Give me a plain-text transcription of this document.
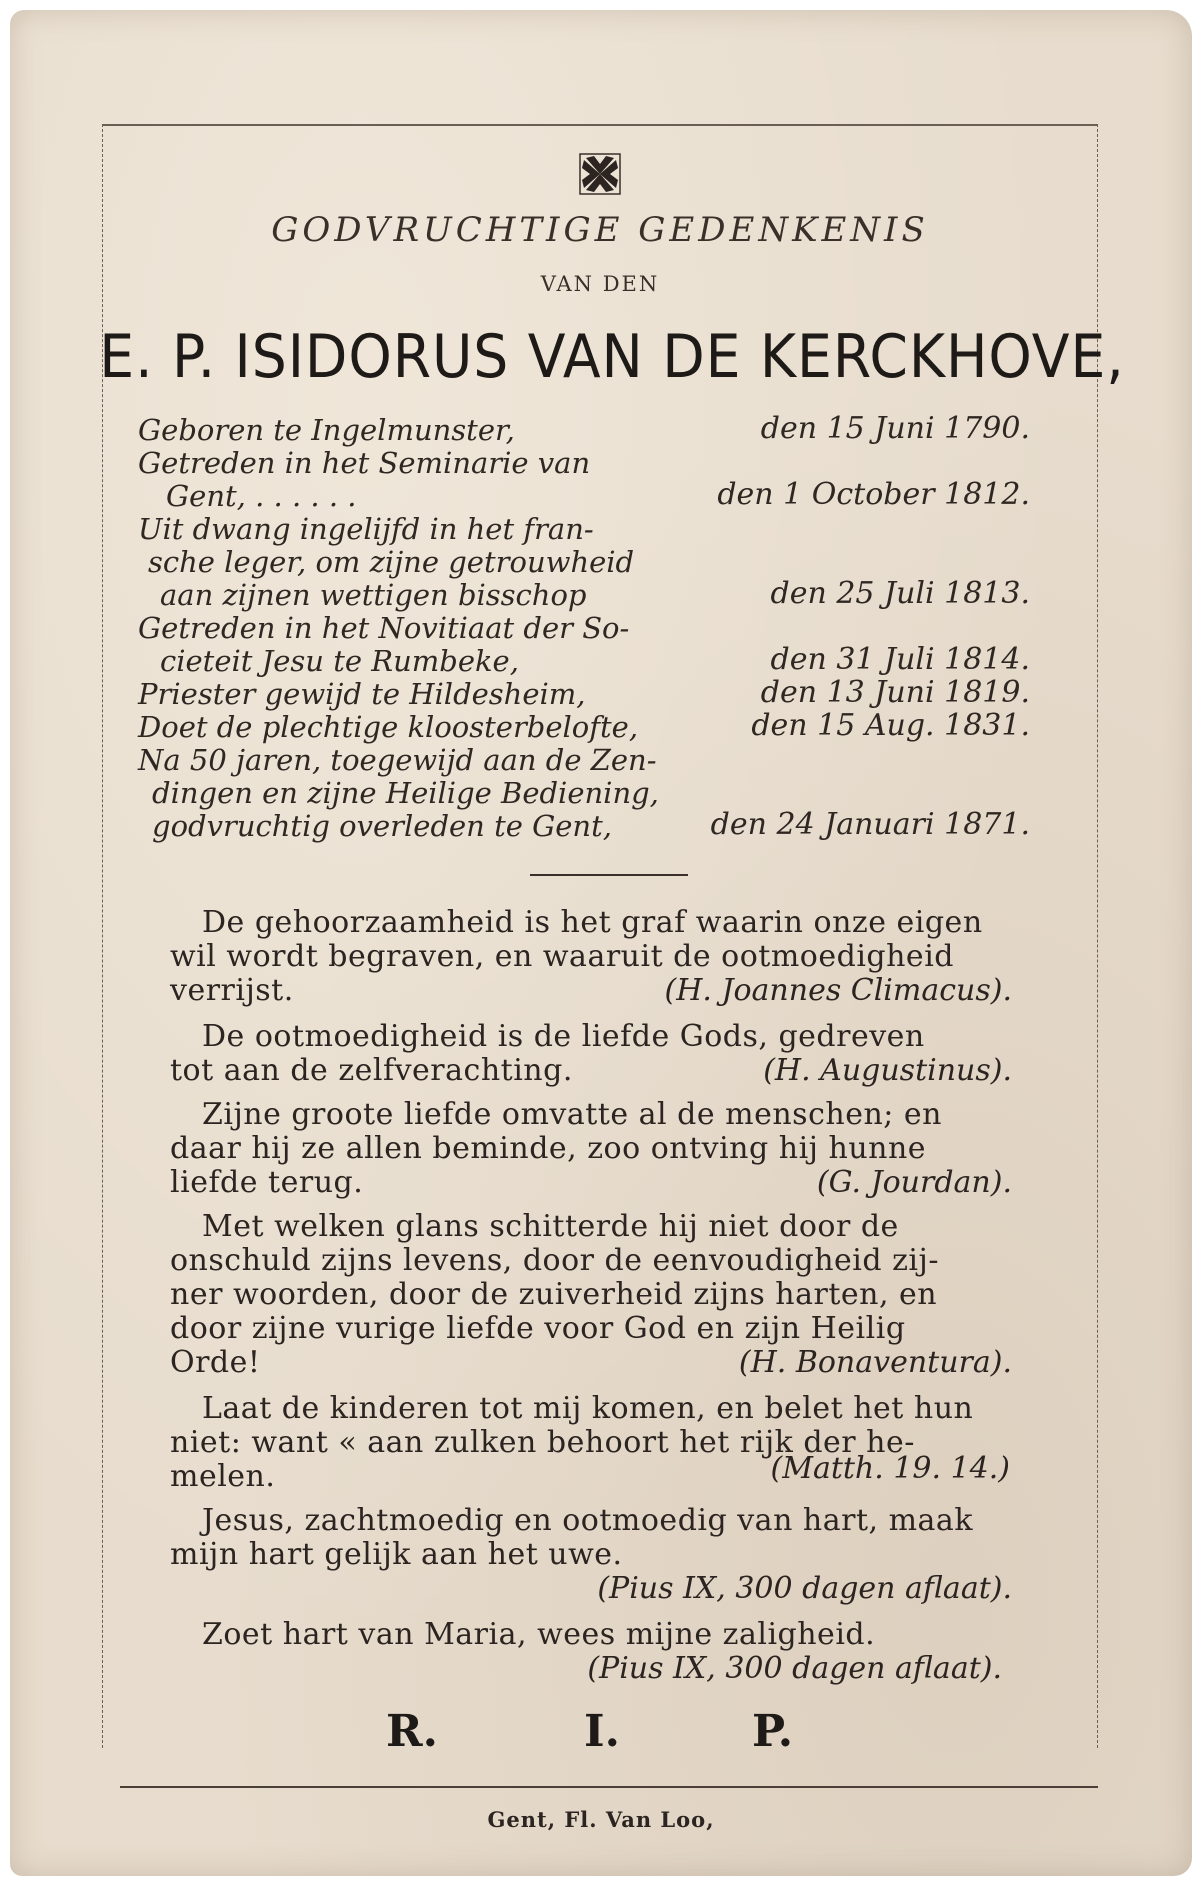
GODVRUCHTIGE GEDENKENIS
VAN DEN
E. P. ISIDORUS VAN DE KERCKHOVE,
Geboren te Ingelmunster,	den 15 Juni 1790.
Getreden in het Seminarie van
Gent, . . . . . .	den 1 October 1812.
Uit dwang ingelijfd in het fran-
sche leger, om zijne getrouwheid
aan zijnen wettigen bisschop	den 25 Juli 1813.
Getreden in het Novitiaat der So-
cieteit Jesu te Rumbeke,	den 31 Juli 1814.
Priester gewijd te Hildesheim,	den 13 Juni 1819.
Doet de plechtige kloosterbelofte,	den 15 Aug. 1831.
Na 50 jaren, toegewijd aan de Zen-
dingen en zijne Heilige Bediening,
godvruchtig overleden te Gent,	den 24 Januari 1871.
De gehoorzaamheid is het graf waarin onze eigen
wil wordt begraven, en waaruit de ootmoedigheid
verrijst.	(H. Joannes Climacus).
De ootmoedigheid is de liefde Gods, gedreven
tot aan de zelfverachting.	(H. Augustinus).
Zijne groote liefde omvatte al de menschen; en
daar hij ze allen beminde, zoo ontving hij hunne
liefde terug.	(G. Jourdan).
Met welken glans schitterde hij niet door de
onschuld zijns levens, door de eenvoudigheid zij-
ner woorden, door de zuiverheid zijns harten, en
door zijne vurige liefde voor God en zijn Heilig
Orde!	(H. Bonaventura).
Laat de kinderen tot mij komen, en belet het hun
niet: want « aan zulken behoort het rijk der he-
melen.	(Matth. 19. 14.)
Jesus, zachtmoedig en ootmoedig van hart, maak
mijn hart gelijk aan het uwe.
(Pius IX, 300 dagen aflaat).
Zoet hart van Maria, wees mijne zaligheid.
(Pius IX, 300 dagen aflaat).
R.	I.	P.
Gent, Fl. Van Loo,
